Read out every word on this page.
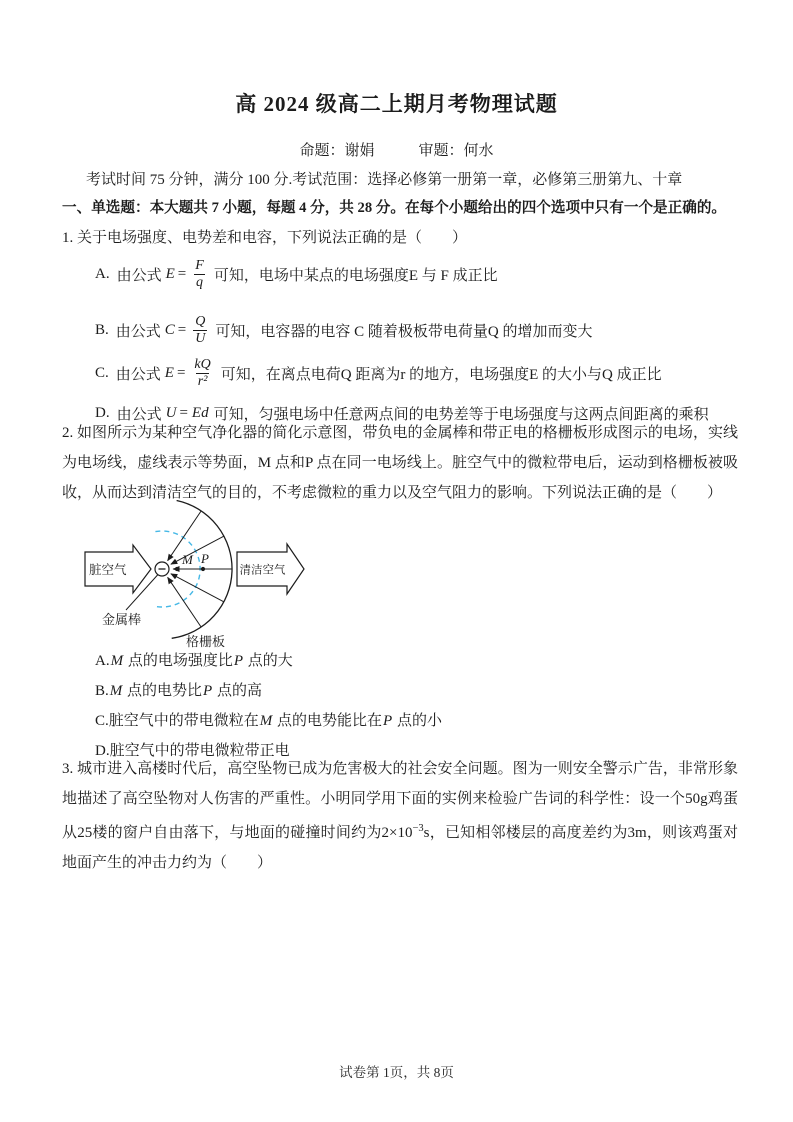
高 2024 级高二上期月考物理试题
命题：谢娟	审题：何水
考试时间 75 分钟，满分 100 分.考试范围：选择必修第一册第一章，必修第三册第九、十章
一、单选题：本大题共 7 小题，每题 4 分，共 28 分。在每个小题给出的四个选项中只有一个是正确的。
1. 关于电场强度、电势差和电容，下列说法正确的是（　　）
A. 由公式 $E = \frac{F}{q}$ 可知，电场中某点的电场强度E 与 F 成正比
B. 由公式 $C = \frac{Q}{U}$ 可知，电容器的电容 C 随着极板带电荷量Q 的增加而变大
C. 由公式 $E = \frac{kQ}{\text{r²}}$ 可知，在离点电荷Q 距离为r 的地方，电场强度E 的大小与Q 成正比
D. 由公式 U = Ed 可知，匀强电场中任意两点间的电势差等于电场强度与这两点间距离的乘积
2. 如图所示为某种空气净化器的简化示意图，带负电的金属棒和带正电的格栅板形成图示的电场，实线为电场线，虚线表示等势面，M 点和P 点在同一电场线上。脏空气中的微粒带电后，运动到格栅板被吸收，从而达到清洁空气的目的，不考虑微粒的重力以及空气阻力的影响。下列说法正确的是（　　）
脏空气	清洁空气
M P
金属棒
格栅板
A.M 点的电场强度比P 点的大
B.M 点的电势比P 点的高
C.脏空气中的带电微粒在M 点的电势能比在P 点的小
D.脏空气中的带电微粒带正电
3. 城市进入高楼时代后，高空坠物已成为危害极大的社会安全问题。图为一则安全警示广告，非常形象地描述了高空坠物对人伤害的严重性。小明同学用下面的实例来检验广告词的科学性：设一个50g鸡蛋从25楼的窗户自由落下，与地面的碰撞时间约为$2\times 10^{-3}s$，已知相邻楼层的高度差约为3m，则该鸡蛋对地面产生的冲击力约为（　　）
试卷第 1页，共 8页
